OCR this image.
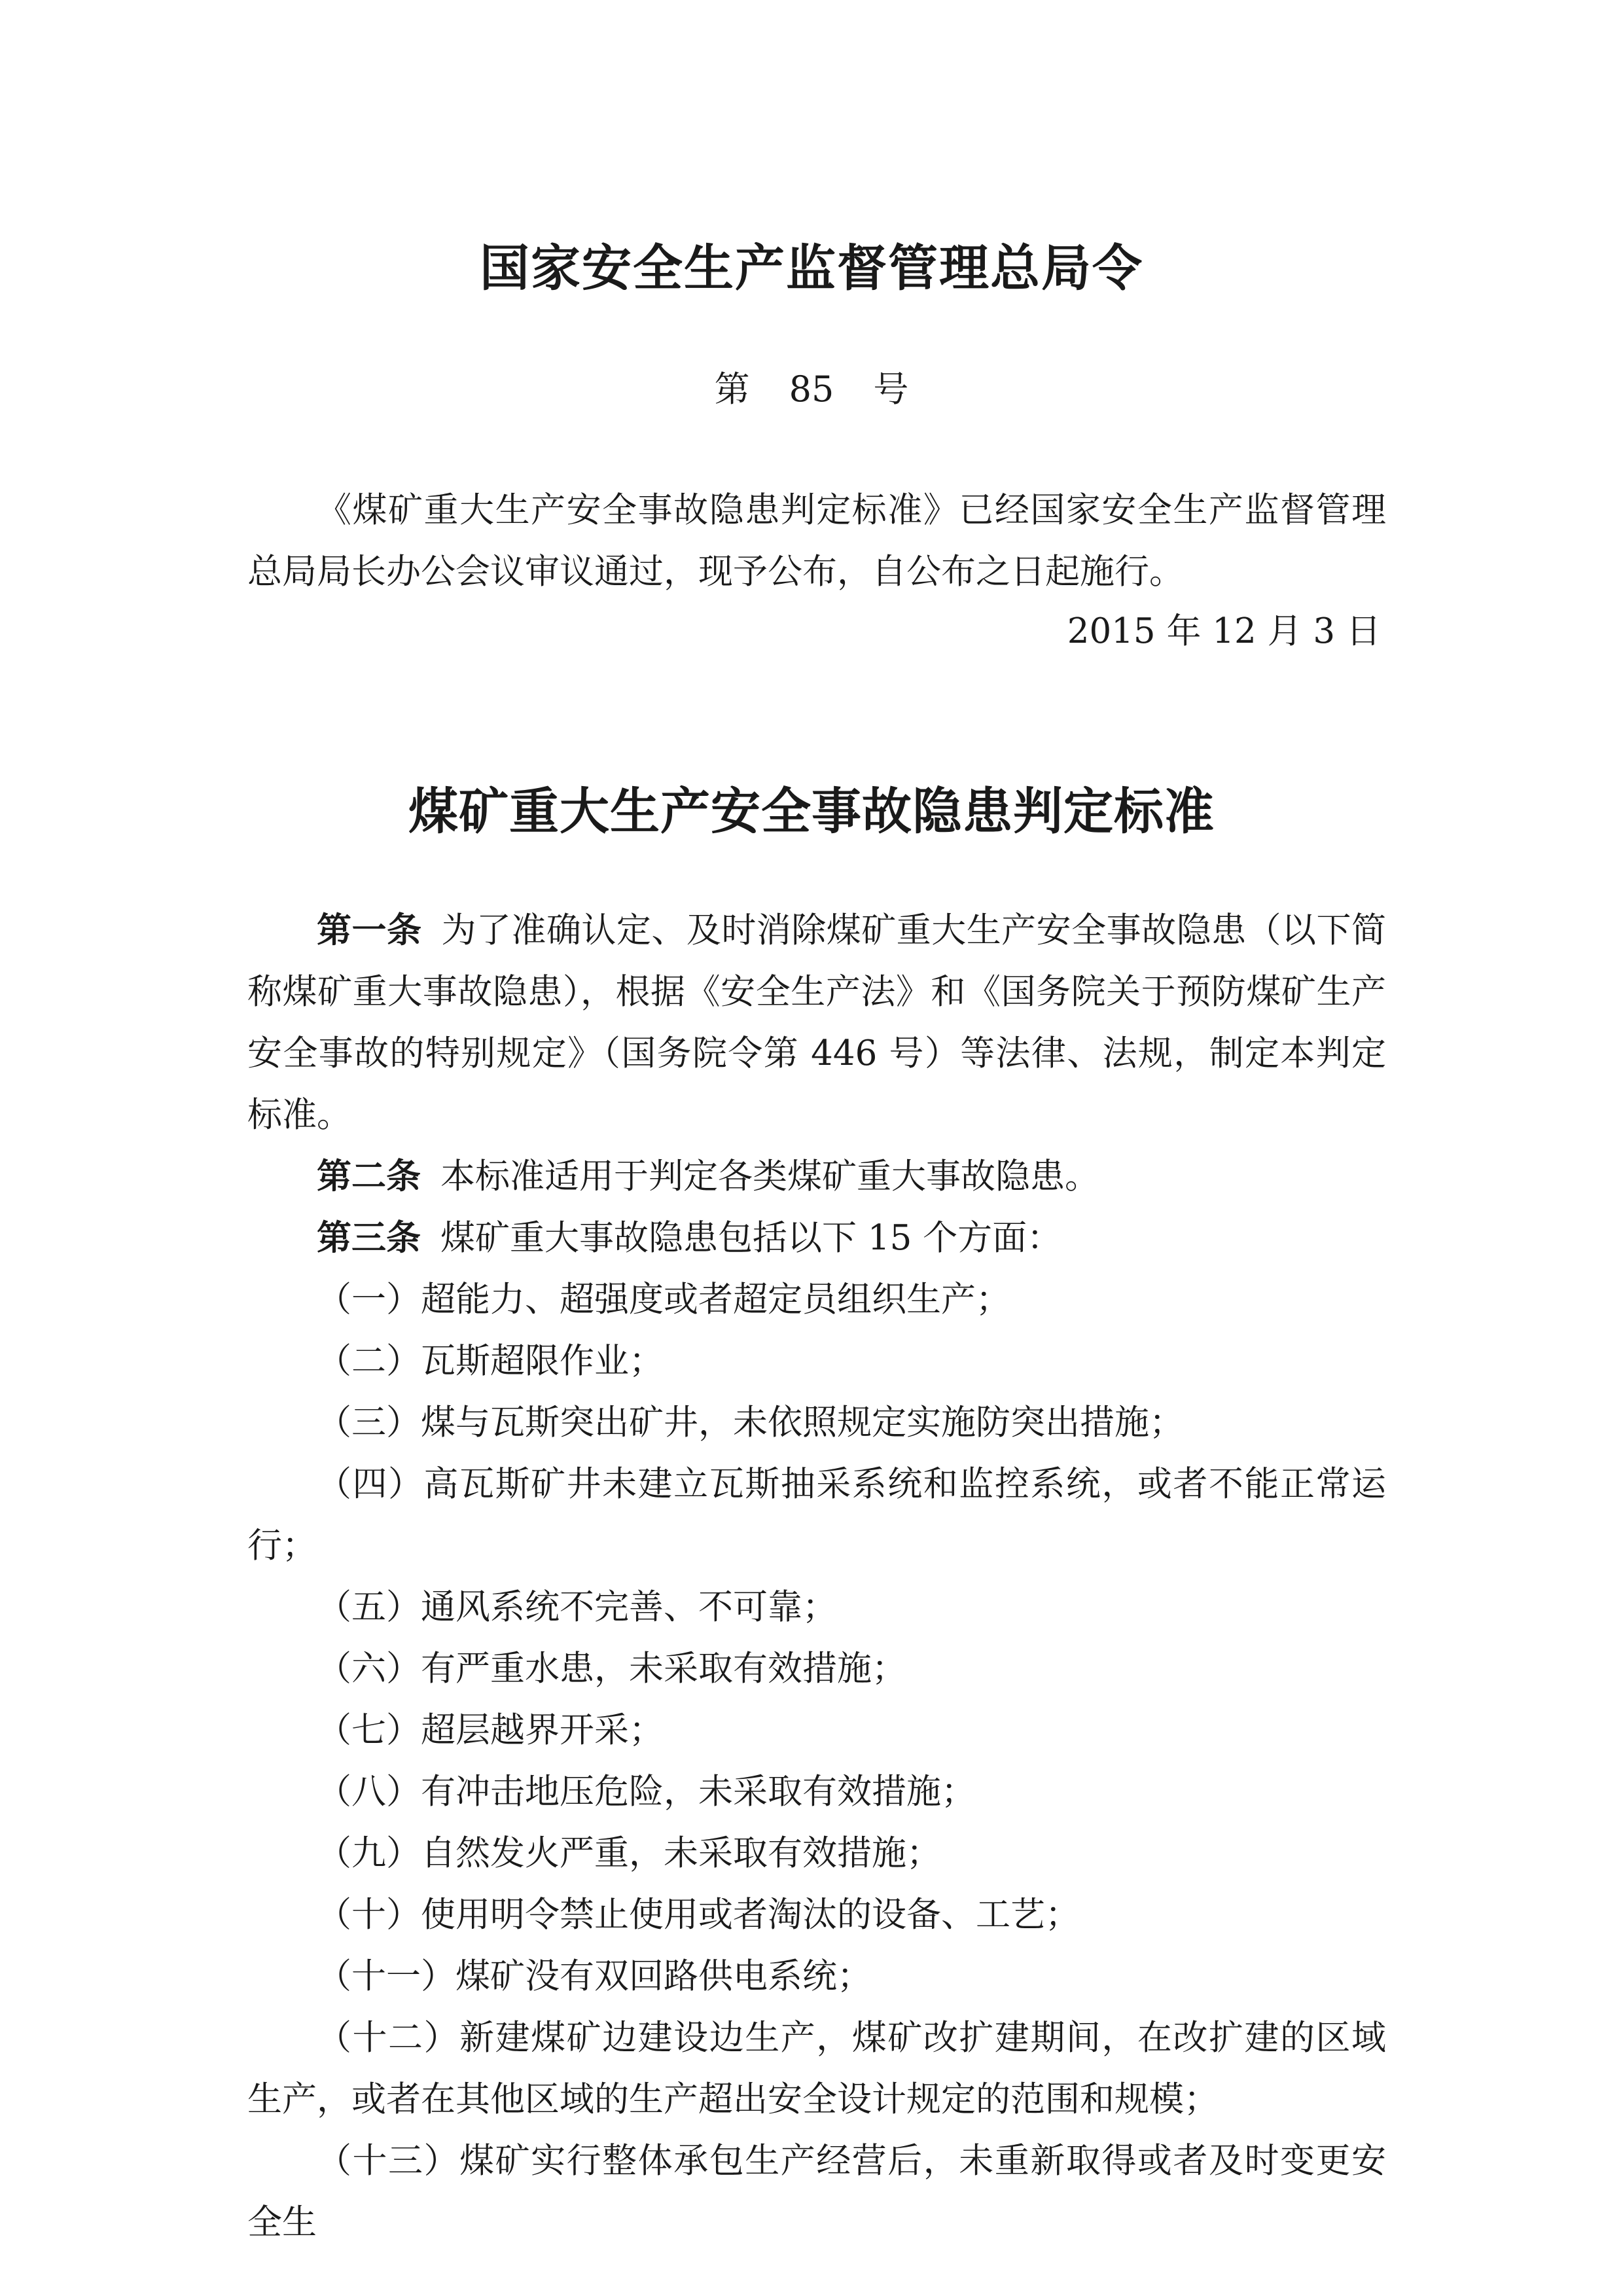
国家安全生产监督管理总局令
第 85 号

《煤矿重大生产安全事故隐患判定标准》已经国家安全生产监督管理总局局长办公会议审议通过，现予公布，自公布之日起施行。

2015 年 12 月 3 日
煤矿重大生产安全事故隐患判定标准

第一条 为了准确认定、及时消除煤矿重大生产安全事故隐患（以下简称煤矿重大事故隐患），根据《安全生产法》和《国务院关于预防煤矿生产安全事故的特别规定》（国务院令第 446 号）等法律、法规，制定本判定标准。

第二条 本标准适用于判定各类煤矿重大事故隐患。

第三条 煤矿重大事故隐患包括以下 15 个方面：

（一）超能力、超强度或者超定员组织生产；

（二）瓦斯超限作业；

（三）煤与瓦斯突出矿井，未依照规定实施防突出措施；

（四）高瓦斯矿井未建立瓦斯抽采系统和监控系统，或者不能正常运行；

（五）通风系统不完善、不可靠；

（六）有严重水患，未采取有效措施；

（七）超层越界开采；

（八）有冲击地压危险，未采取有效措施；

（九）自然发火严重，未采取有效措施；

（十）使用明令禁止使用或者淘汰的设备、工艺；

（十一）煤矿没有双回路供电系统；

（十二）新建煤矿边建设边生产，煤矿改扩建期间，在改扩建的区域生产，或者在其他区域的生产超出安全设计规定的范围和规模；

（十三）煤矿实行整体承包生产经营后，未重新取得或者及时变更安全生
